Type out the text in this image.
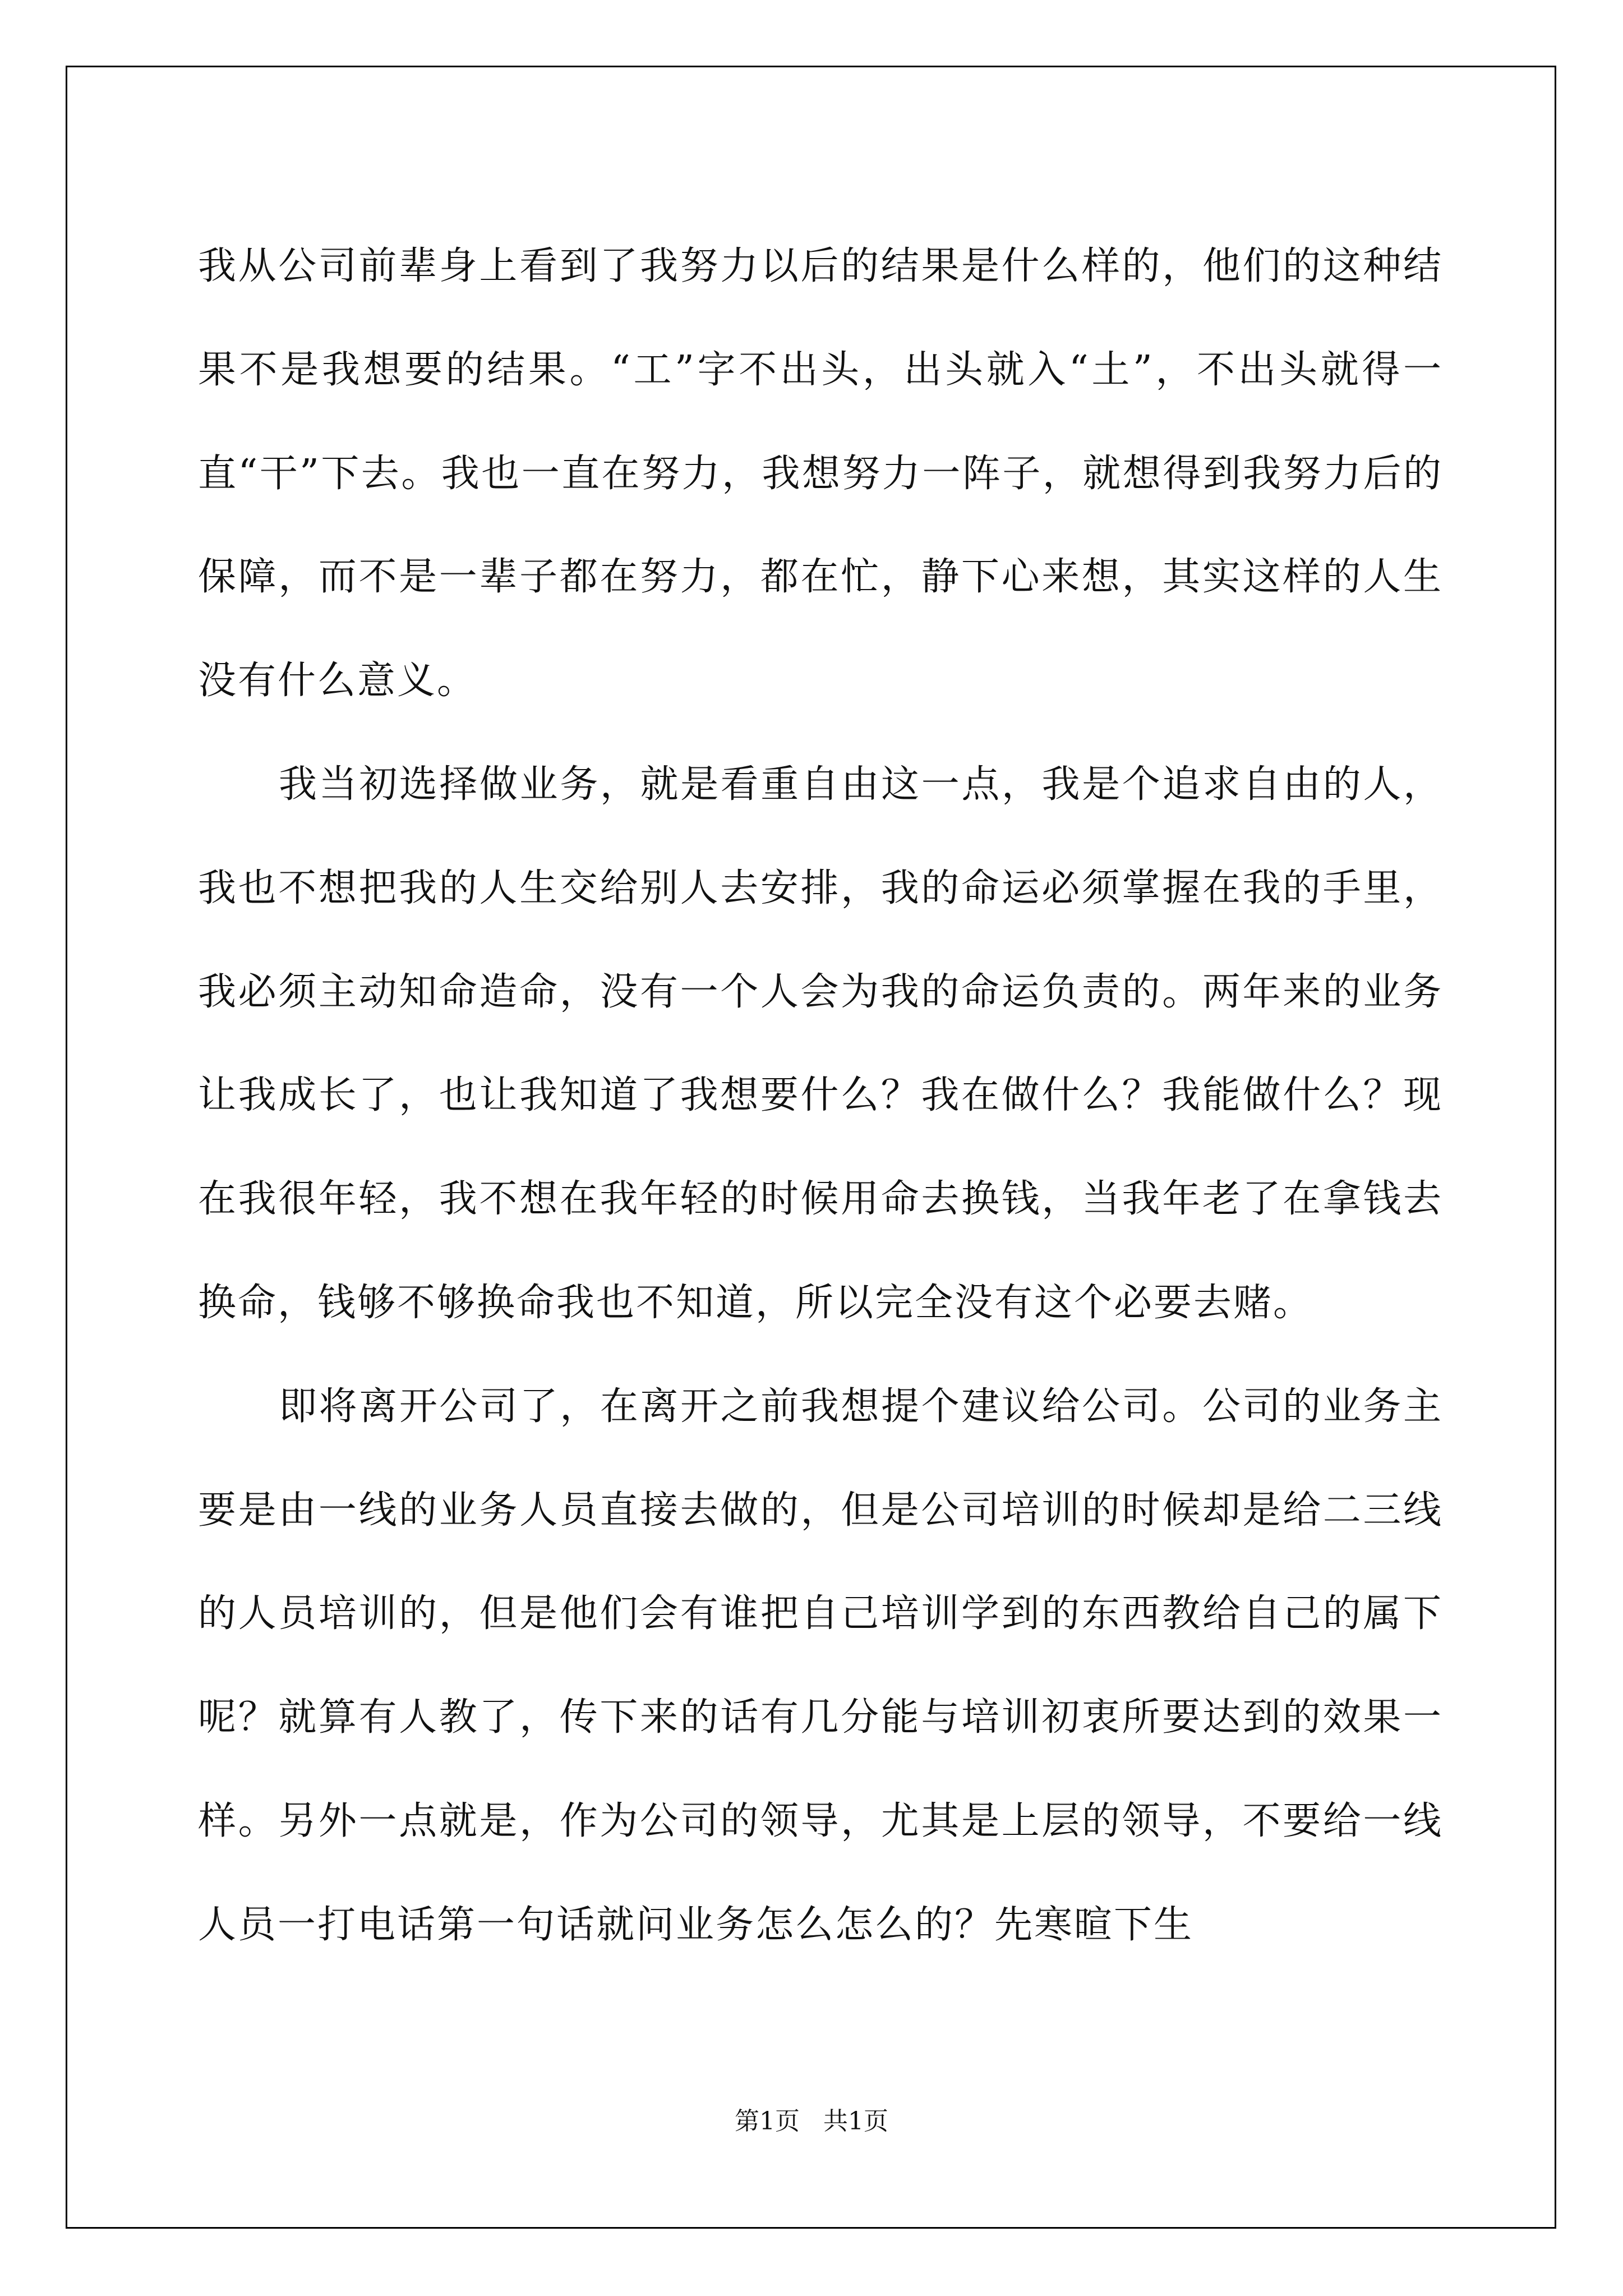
我从公司前辈身上看到了我努力以后的结果是什么样的，他们的这种结果不是我想要的结果。“工”字不出头，出头就入“土”，不出头就得一直“干”下去。我也一直在努力，我想努力一阵子，就想得到我努力后的保障，而不是一辈子都在努力，都在忙，静下心来想，其实这样的人生没有什么意义。

我当初选择做业务，就是看重自由这一点，我是个追求自由的人，我也不想把我的人生交给别人去安排，我的命运必须掌握在我的手里，我必须主动知命造命，没有一个人会为我的命运负责的。两年来的业务让我成长了，也让我知道了我想要什么？我在做什么？我能做什么？现在我很年轻，我不想在我年轻的时候用命去换钱，当我年老了在拿钱去换命，钱够不够换命我也不知道，所以完全没有这个必要去赌。

即将离开公司了，在离开之前我想提个建议给公司。公司的业务主要是由一线的业务人员直接去做的，但是公司培训的时候却是给二三线的人员培训的，但是他们会有谁把自己培训学到的东西教给自己的属下呢？就算有人教了，传下来的话有几分能与培训初衷所要达到的效果一样。另外一点就是，作为公司的领导，尤其是上层的领导，不要给一线人员一打电话第一句话就问业务怎么怎么的？先寒暄下生

第1页   共1页
